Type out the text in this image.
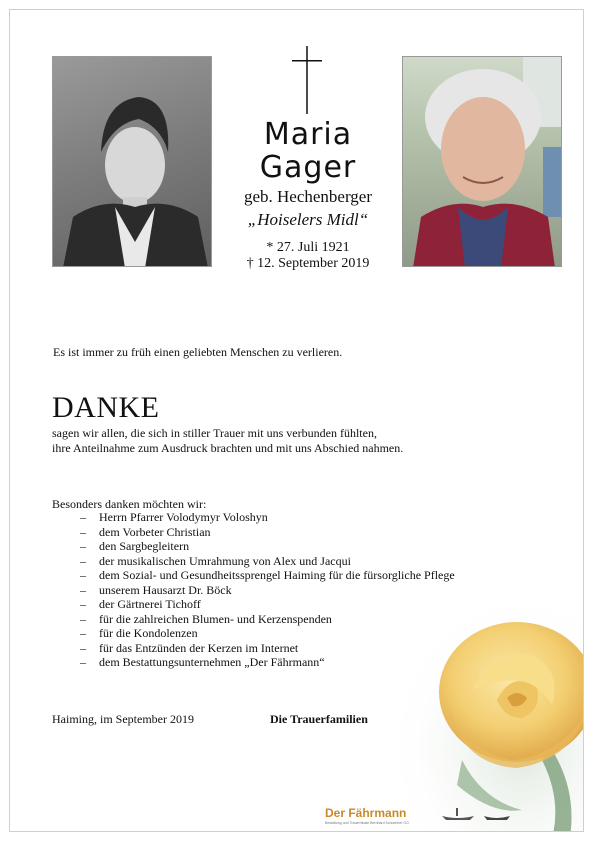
Maria
Gager
geb. Hechenberger
„Hoiselers Midl“
* 27. Juli 1921
† 12. September 2019
Es ist immer zu früh einen geliebten Menschen zu verlieren.
DANKE
sagen wir allen, die sich in stiller Trauer mit uns verbunden fühlten,
ihre Anteilnahme zum Ausdruck brachten und mit uns Abschied nahmen.
Besonders danken möchten wir:
– Herrn Pfarrer Volodymyr Voloshyn
– dem Vorbeter Christian
– den Sargbegleitern
– der musikalischen Umrahmung von Alex und Jacqui
– dem Sozial- und Gesundheitssprengel Haiming für die fürsorgliche Pflege
– unserem Hausarzt Dr. Böck
– der Gärtnerei Tichoff
– für die zahlreichen Blumen- und Kerzenspenden
– für die Kondolenzen
– für das Entzünden der Kerzen im Internet
– dem Bestattungsunternehmen „Der Fährmann“
Haiming, im September 2019	Die Trauerfamilien
Der Fährmann
Bestattung und Trauerrituale Bernhard Schoenher OG
